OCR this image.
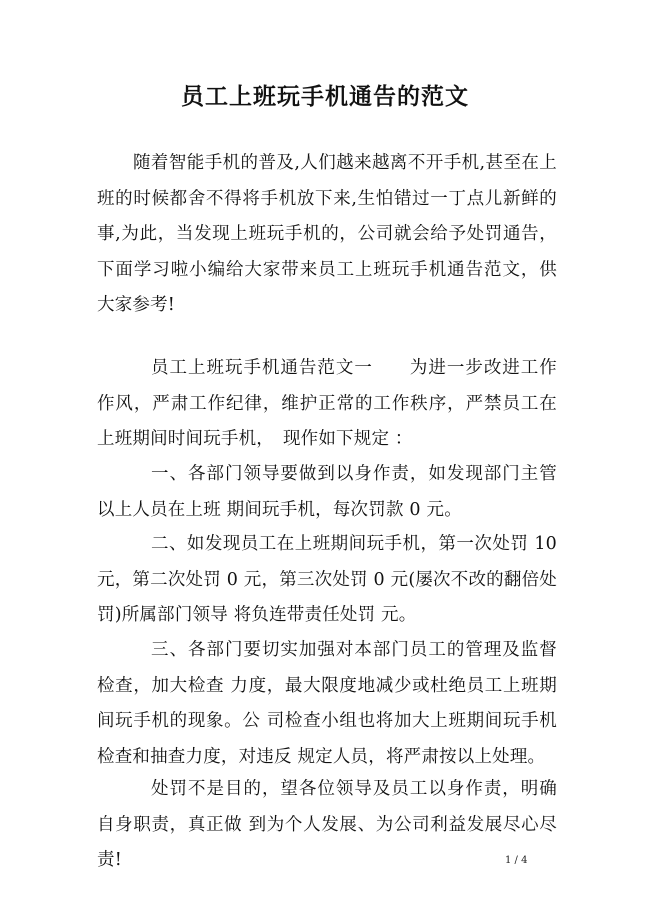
员工上班玩手机通告的范文

随着智能手机的普及,人们越来越离不开手机,甚至在上班的时候都舍不得将手机放下来,生怕错过一丁点儿新鲜的事,为此，当发现上班玩手机的，公司就会给予处罚通告，下面学习啦小编给大家带来员工上班玩手机通告范文，供大家参考!

员工上班玩手机通告范文一　　为进一步改进工作作风，严肃工作纪律，维护正常的工作秩序，严禁员工在上班期间时间玩手机，　现作如下规定 ：

一、各部门领导要做到以身作责，如发现部门主管以上人员在上班 期间玩手机，每次罚款 0 元。

二、如发现员工在上班期间玩手机，第一次处罚 10 元，第二次处罚 0 元，第三次处罚 0 元(屡次不改的翻倍处罚)所属部门领导 将负连带责任处罚 元。

三、各部门要切实加强对本部门员工的管理及监督检查，加大检查 力度，最大限度地减少或杜绝员工上班期间玩手机的现象。公 司检查小组也将加大上班期间玩手机检查和抽查力度，对违反 规定人员，将严肃按以上处理。

处罚不是目的，望各位领导及员工以身作责，明确自身职责，真正做 到为个人发展、为公司利益发展尽心尽责!	1 / 4
